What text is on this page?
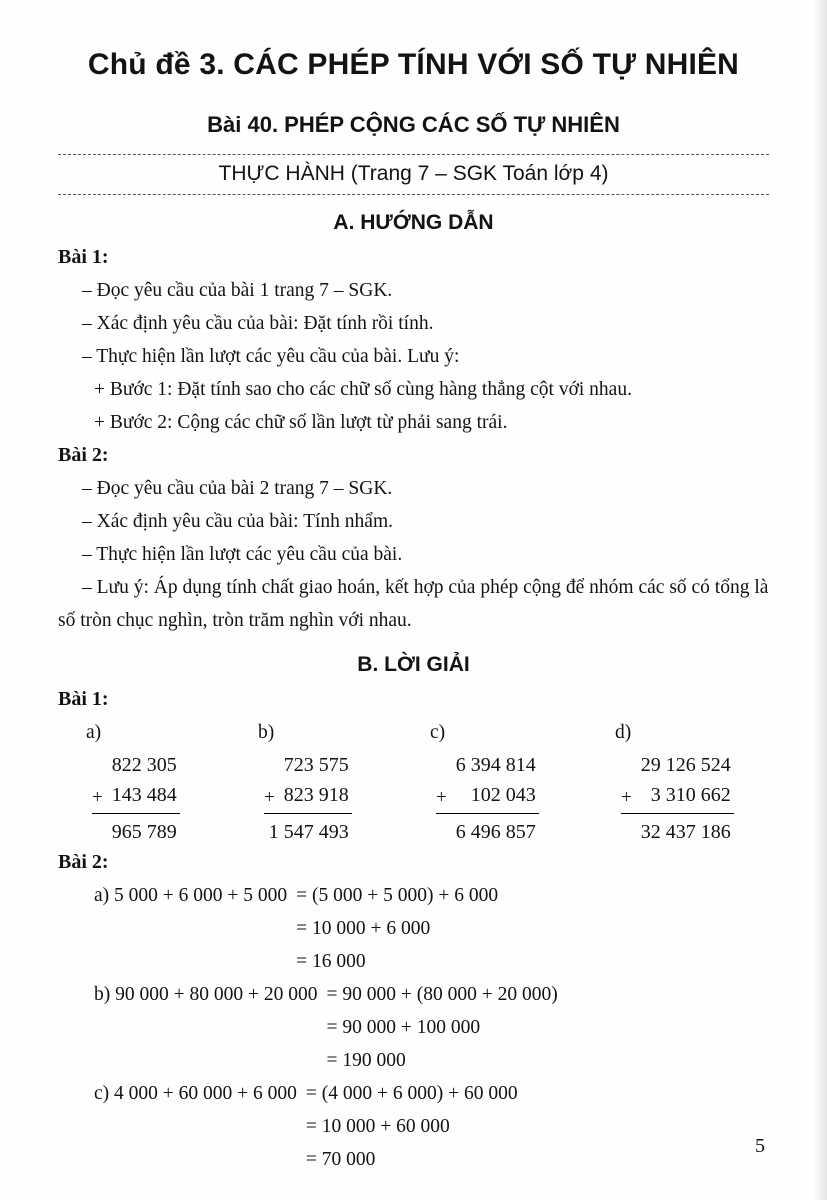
Chủ đề 3. CÁC PHÉP TÍNH VỚI SỐ TỰ NHIÊN
Bài 40. PHÉP CỘNG CÁC SỐ TỰ NHIÊN
THỰC HÀNH (Trang 7 – SGK Toán lớp 4)
A. HƯỚNG DẪN

Bài 1:

– Đọc yêu cầu của bài 1 trang 7 – SGK.

– Xác định yêu cầu của bài: Đặt tính rồi tính.

– Thực hiện lần lượt các yêu cầu của bài. Lưu ý:

+ Bước 1: Đặt tính sao cho các chữ số cùng hàng thẳng cột với nhau.

+ Bước 2: Cộng các chữ số lần lượt từ phải sang trái.

Bài 2:

– Đọc yêu cầu của bài 2 trang 7 – SGK.

– Xác định yêu cầu của bài: Tính nhẩm.

– Thực hiện lần lượt các yêu cầu của bài.

– Lưu ý: Áp dụng tính chất giao hoán, kết hợp của phép cộng để nhóm các số có tổng là số tròn chục nghìn, tròn trăm nghìn với nhau.

B. LỜI GIẢI

Bài 1:

a)

+
822 305
143 484
965 789

b)

+
723 575
823 918
1 547 493

c)

+
6 394 814
102 043
6 496 857

d)

+
29 126 524
3 310 662
32 437 186

Bài 2:

a) 5 000 + 6 000 + 5 000	= (5 000 + 5 000) + 6 000
	= 10 000 + 6 000
	= 16 000
b) 90 000 + 80 000 + 20 000	= 90 000 + (80 000 + 20 000)
	= 90 000 + 100 000
	= 190 000
c) 4 000 + 60 000 + 6 000	= (4 000 + 6 000) + 60 000
	= 10 000 + 60 000
	= 70 000
5
